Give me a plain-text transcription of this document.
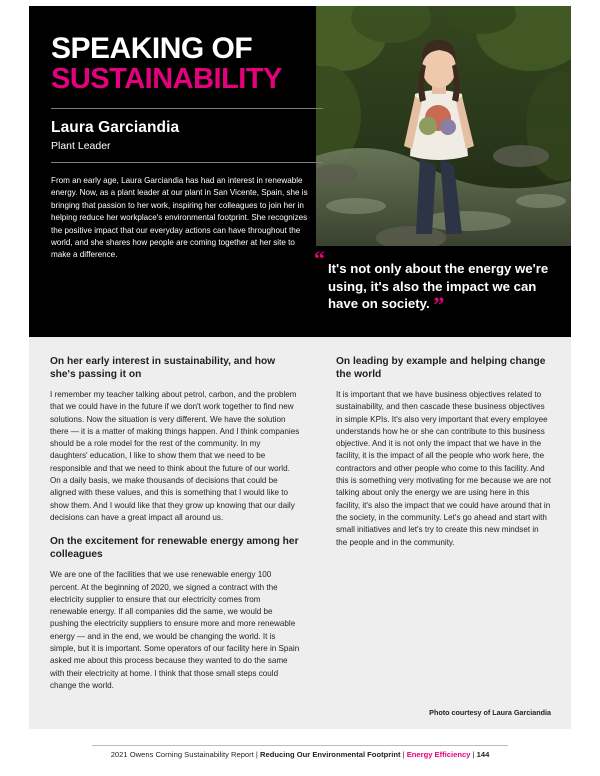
SPEAKING OF
SUSTAINABILITY
Laura Garciandia
Plant Leader
From an early age, Laura Garciandia has had an interest in renewable energy. Now, as a plant leader at our plant in San Vicente, Spain, she is bringing that passion to her work, inspiring her colleagues to join her in helping reduce her workplace's environmental footprint. She recognizes the positive impact that our everyday actions can have throughout the world, and she shares how people are coming together at her site to make a difference.	“ It's not only about the energy we're using, it's also the impact we can have on society. ”
On her early interest in sustainability, and how she's passing it on

I remember my teacher talking about petrol, carbon, and the problem that we could have in the future if we don't work together to find new solutions. Now the situation is very different. We have the solution there — it is a matter of making things happen. And I think companies should be a role model for the rest of the community. In my daughters' education, I like to show them that we need to be responsible and that we need to think about the future of our world. On a daily basis, we make thousands of decisions that could be aligned with these values, and this is something that I would like to show them. And I would like that they grow up knowing that our daily decisions can have a great impact all around us.

On the excitement for renewable energy among her colleagues

We are one of the facilities that we use renewable energy 100 percent. At the beginning of 2020, we signed a contract with the electricity supplier to ensure that our electricity comes from renewable energy. If all companies did the same, we would be pushing the electricity suppliers to ensure more and more renewable energy — and in the end, we would be changing the world. It is simple, but it is important. Some operators of our facility here in Spain asked me about this process because they wanted to do the same with their electricity at home. I think that those small steps could change the world.

On leading by example and helping change the world

It is important that we have business objectives related to sustainability, and then cascade these business objectives in simple KPIs. It's also very important that every employee understands how he or she can contribute to this business objective. And it is not only the impact that we have in the facility, it is the impact of all the people who work here, the contractors and other people who come to this facility. And this is something very motivating for me because we are not talking about only the energy we are using here in this facility, it's also the impact that we could have around that in the society, in the community. Let's go ahead and start with small initiatives and let's try to create this new mindset in the people and in the community.

Photo courtesy of Laura Garciandia
2021 Owens Corning Sustainability Report | Reducing Our Environmental Footprint | Energy Efficiency | 144
